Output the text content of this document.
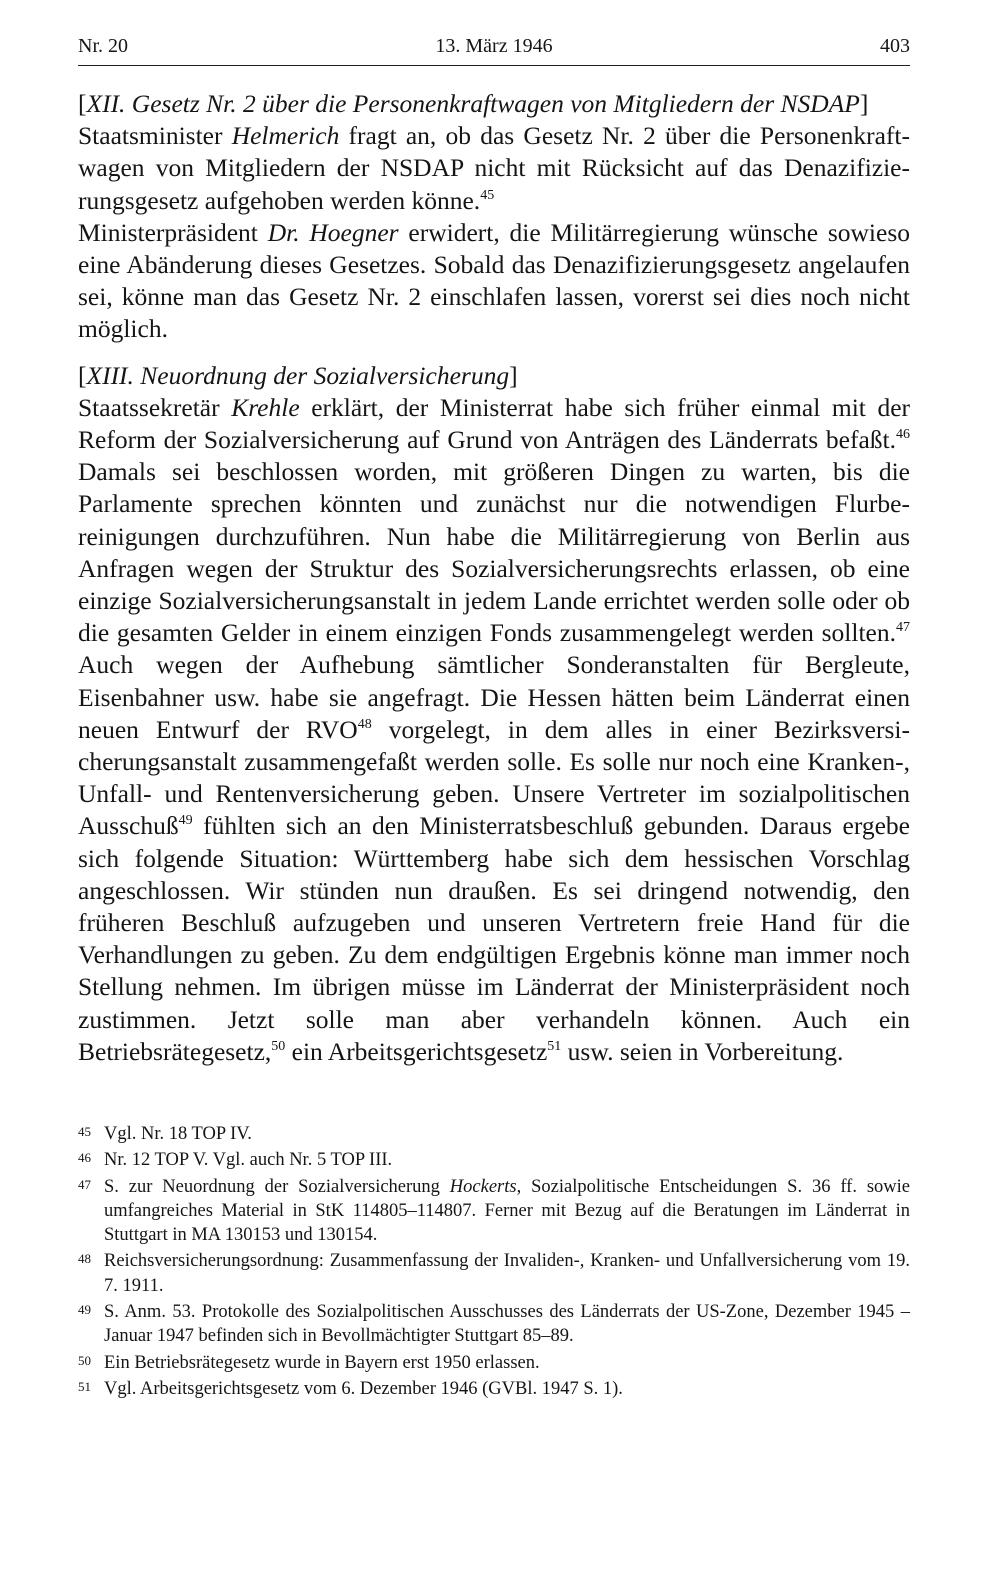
Nr. 20	13. März 1946	403

[XII. Gesetz Nr. 2 über die Personenkraftwagen von Mitgliedern der NSDAP]

Staatsminister Helmerich fragt an, ob das Gesetz Nr. 2 über die Personenkraftwagen von Mitgliedern der NSDAP nicht mit Rücksicht auf das Denazifizierungsgesetz aufgehoben werden könne.$^{45}$

Ministerpräsident Dr. Hoegner erwidert, die Militärregierung wünsche sowieso eine Abänderung dieses Gesetzes. Sobald das Denazifizierungsgesetz angelaufen sei, könne man das Gesetz Nr. 2 einschlafen lassen, vorerst sei dies noch nicht möglich.

[XIII. Neuordnung der Sozialversicherung]

Staatssekretär Krehle erklärt, der Ministerrat habe sich früher einmal mit der Reform der Sozialversicherung auf Grund von Anträgen des Länderrats befaßt.$^{46}$ Damals sei beschlossen worden, mit größeren Dingen zu warten, bis die Parlamente sprechen könnten und zunächst nur die notwendigen Flurbereinigungen durchzuführen. Nun habe die Militärregierung von Berlin aus Anfragen wegen der Struktur des Sozialversicherungsrechts erlassen, ob eine einzige Sozialversicherungsanstalt in jedem Lande errichtet werden solle oder ob die gesamten Gelder in einem einzigen Fonds zusammengelegt werden sollten.$^{47}$ Auch wegen der Aufhebung sämtlicher Sonderanstalten für Bergleute, Eisenbahner usw. habe sie angefragt. Die Hessen hätten beim Länderrat einen neuen Entwurf der RVO$^{48}$ vorgelegt, in dem alles in einer Bezirksversicherungsanstalt zusammengefaßt werden solle. Es solle nur noch eine Kranken-, Unfall- und Rentenversicherung geben. Unsere Vertreter im sozialpolitischen Ausschuß$^{49}$ fühlten sich an den Ministerratsbeschluß gebunden. Daraus ergebe sich folgende Situation: Württemberg habe sich dem hessischen Vorschlag angeschlossen. Wir stünden nun draußen. Es sei dringend notwendig, den früheren Beschluß aufzugeben und unseren Vertretern freie Hand für die Verhandlungen zu geben. Zu dem endgültigen Ergebnis könne man immer noch Stellung nehmen. Im übrigen müsse im Länderrat der Ministerpräsident noch zustimmen. Jetzt solle man aber verhandeln können. Auch ein Betriebsrätegesetz,$^{50}$ ein Arbeitsgerichtsgesetz$^{51}$ usw. seien in Vorbereitung.

45 Vgl. Nr. 18 TOP IV.

46 Nr. 12 TOP V. Vgl. auch Nr. 5 TOP III.

47 S. zur Neuordnung der Sozialversicherung Hockerts, Sozialpolitische Entscheidungen S. 36 ff. sowie umfangreiches Material in StK 114805–114807. Ferner mit Bezug auf die Beratungen im Länderrat in Stuttgart in MA 130153 und 130154.

48 Reichsversicherungsordnung: Zusammenfassung der Invaliden-, Kranken- und Unfallversicherung vom 19. 7. 1911.

49 S. Anm. 53. Protokolle des Sozialpolitischen Ausschusses des Länderrats der US-Zone, Dezember 1945 – Januar 1947 befinden sich in Bevollmächtigter Stuttgart 85–89.

50 Ein Betriebsrätegesetz wurde in Bayern erst 1950 erlassen.

51 Vgl. Arbeitsgerichtsgesetz vom 6. Dezember 1946 (GVBl. 1947 S. 1).
